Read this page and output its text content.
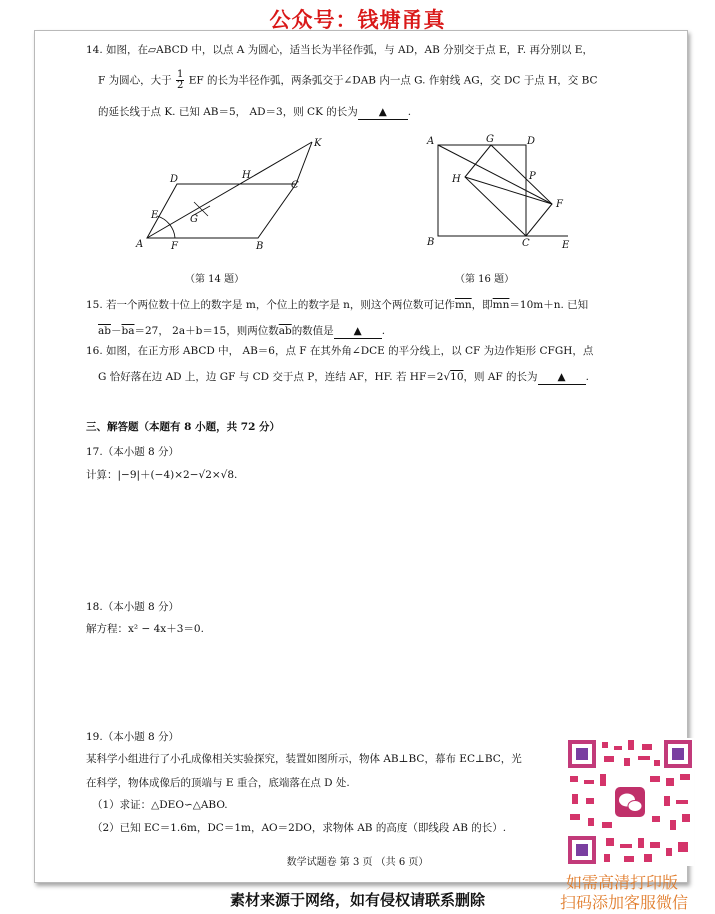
公众号：钱塘甬真
14. 如图，在▱ABCD 中，以点 A 为圆心，适当长为半径作弧，与 AD，AB 分别交于点 E，F. 再分别以 E，
F 为圆心，大于 $\frac{1}{2}$ EF 的长为半径作弧，两条弧交于∠DAB 内一点 G. 作射线 AG，交 DC 于点 H，交 BC
的延长线于点 K. 已知 AB＝5， AD＝3，则 CK 的长为 ▲ .
A	B
C
D
E
F
G
H
K
（第 14 题）
A
B	C
D
E
F
G
H	P
（第 16 题）
15. 若一个两位数十位上的数字是 m，个位上的数字是 n，则这个两位数可记作$\overline{mn}$，即$\overline{mn}=10m+n$. 已知
$\overline{ab}-\overline{ba}=27$， 2a＋b＝15，则两位数$\overline{ab}$的数值是 ▲ .
16. 如图，在正方形 ABCD 中， AB＝6，点 F 在其外角∠DCE 的平分线上，以 CF 为边作矩形 CFGH，点
G 恰好落在边 AD 上，边 GF 与 CD 交于点 P，连结 AF，HF. 若 HF＝2√10，则 AF 的长为 ▲ .
三、解答题（本题有 8 小题，共 72 分）
17.（本小题 8 分）
计算：|−9|＋(−4)×2−√2×√8.
18.（本小题 8 分）
解方程：x² − 4x＋3＝0.
19.（本小题 8 分）
某科学小组进行了小孔成像相关实验探究，装置如图所示，物体 AB⊥BC，幕布 EC⊥BC，光
在科学，物体成像后的顶端与 E 重合，底端落在点 D 处.
（1）求证：△DEO∽△ABO.
（2）已知 EC＝1.6m，DC＝1m，AO＝2DO，求物体 AB 的高度（即线段 AB 的长）.
数学试题卷 第 3 页 （共 6 页）
素材来源于网络，如有侵权请联系删除
如需高清打印版
扫码添加客服微信
